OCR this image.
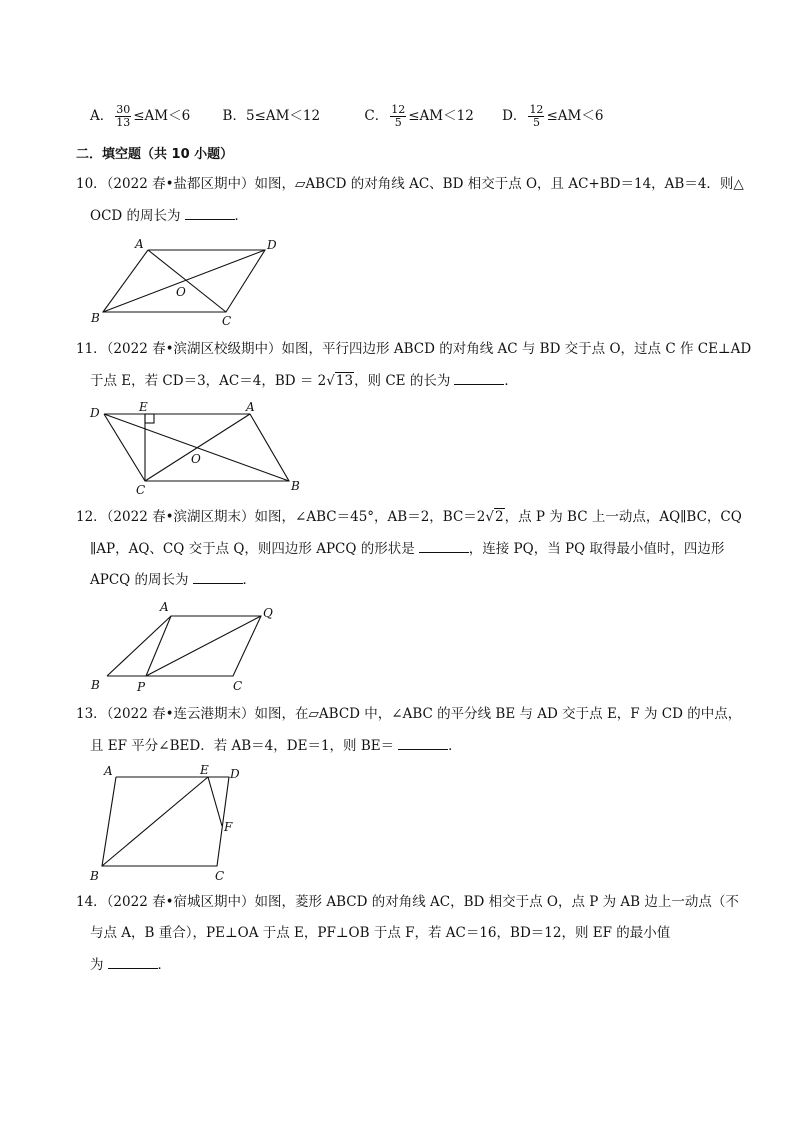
A． $\frac{30}{13} \le AM<6$ B．5≤AM＜12	C． $\frac{12}{5} \le AM<12$ D． $\frac{12}{5} \le AM<6$
二．填空题（共 10 小题）
10．（2022 春•盐都区期中）如图，▱ABCD 的对角线 AC、BD 相交于点 O，且 AC+BD＝14，AB＝4．则△
OCD 的周长为	．
A	D
O
B	C
11．（2022 春•滨湖区校级期中）如图，平行四边形 ABCD 的对角线 AC 与 BD 交于点 O，过点 C 作 CE⊥AD
于点 E，若 CD＝3，AC＝4，BD ＝ 2√13，则 CE 的长为	．
D	E	A
O
C	B
12．（2022 春•滨湖区期末）如图，∠ABC＝45°，AB＝2，BC＝2√2，点 P 为 BC 上一动点，AQ∥BC，CQ
∥AP，AQ、CQ 交于点 Q，则四边形 APCQ 的形状是	，连接 PQ，当 PQ 取得最小值时，四边形
APCQ 的周长为	．
A	Q
B	P	C
13．（2022 春•连云港期末）如图，在▱ABCD 中，∠ABC 的平分线 BE 与 AD 交于点 E，F 为 CD 的中点，
且 EF 平分∠BED．若 AB＝4，DE＝1，则 BE＝	．
A	E D
F
B	C
14．（2022 春•宿城区期中）如图，菱形 ABCD 的对角线 AC，BD 相交于点 O，点 P 为 AB 边上一动点（不
与点 A，B 重合），PE⊥OA 于点 E，PF⊥OB 于点 F，若 AC＝16，BD＝12，则 EF 的最小值
为	．
